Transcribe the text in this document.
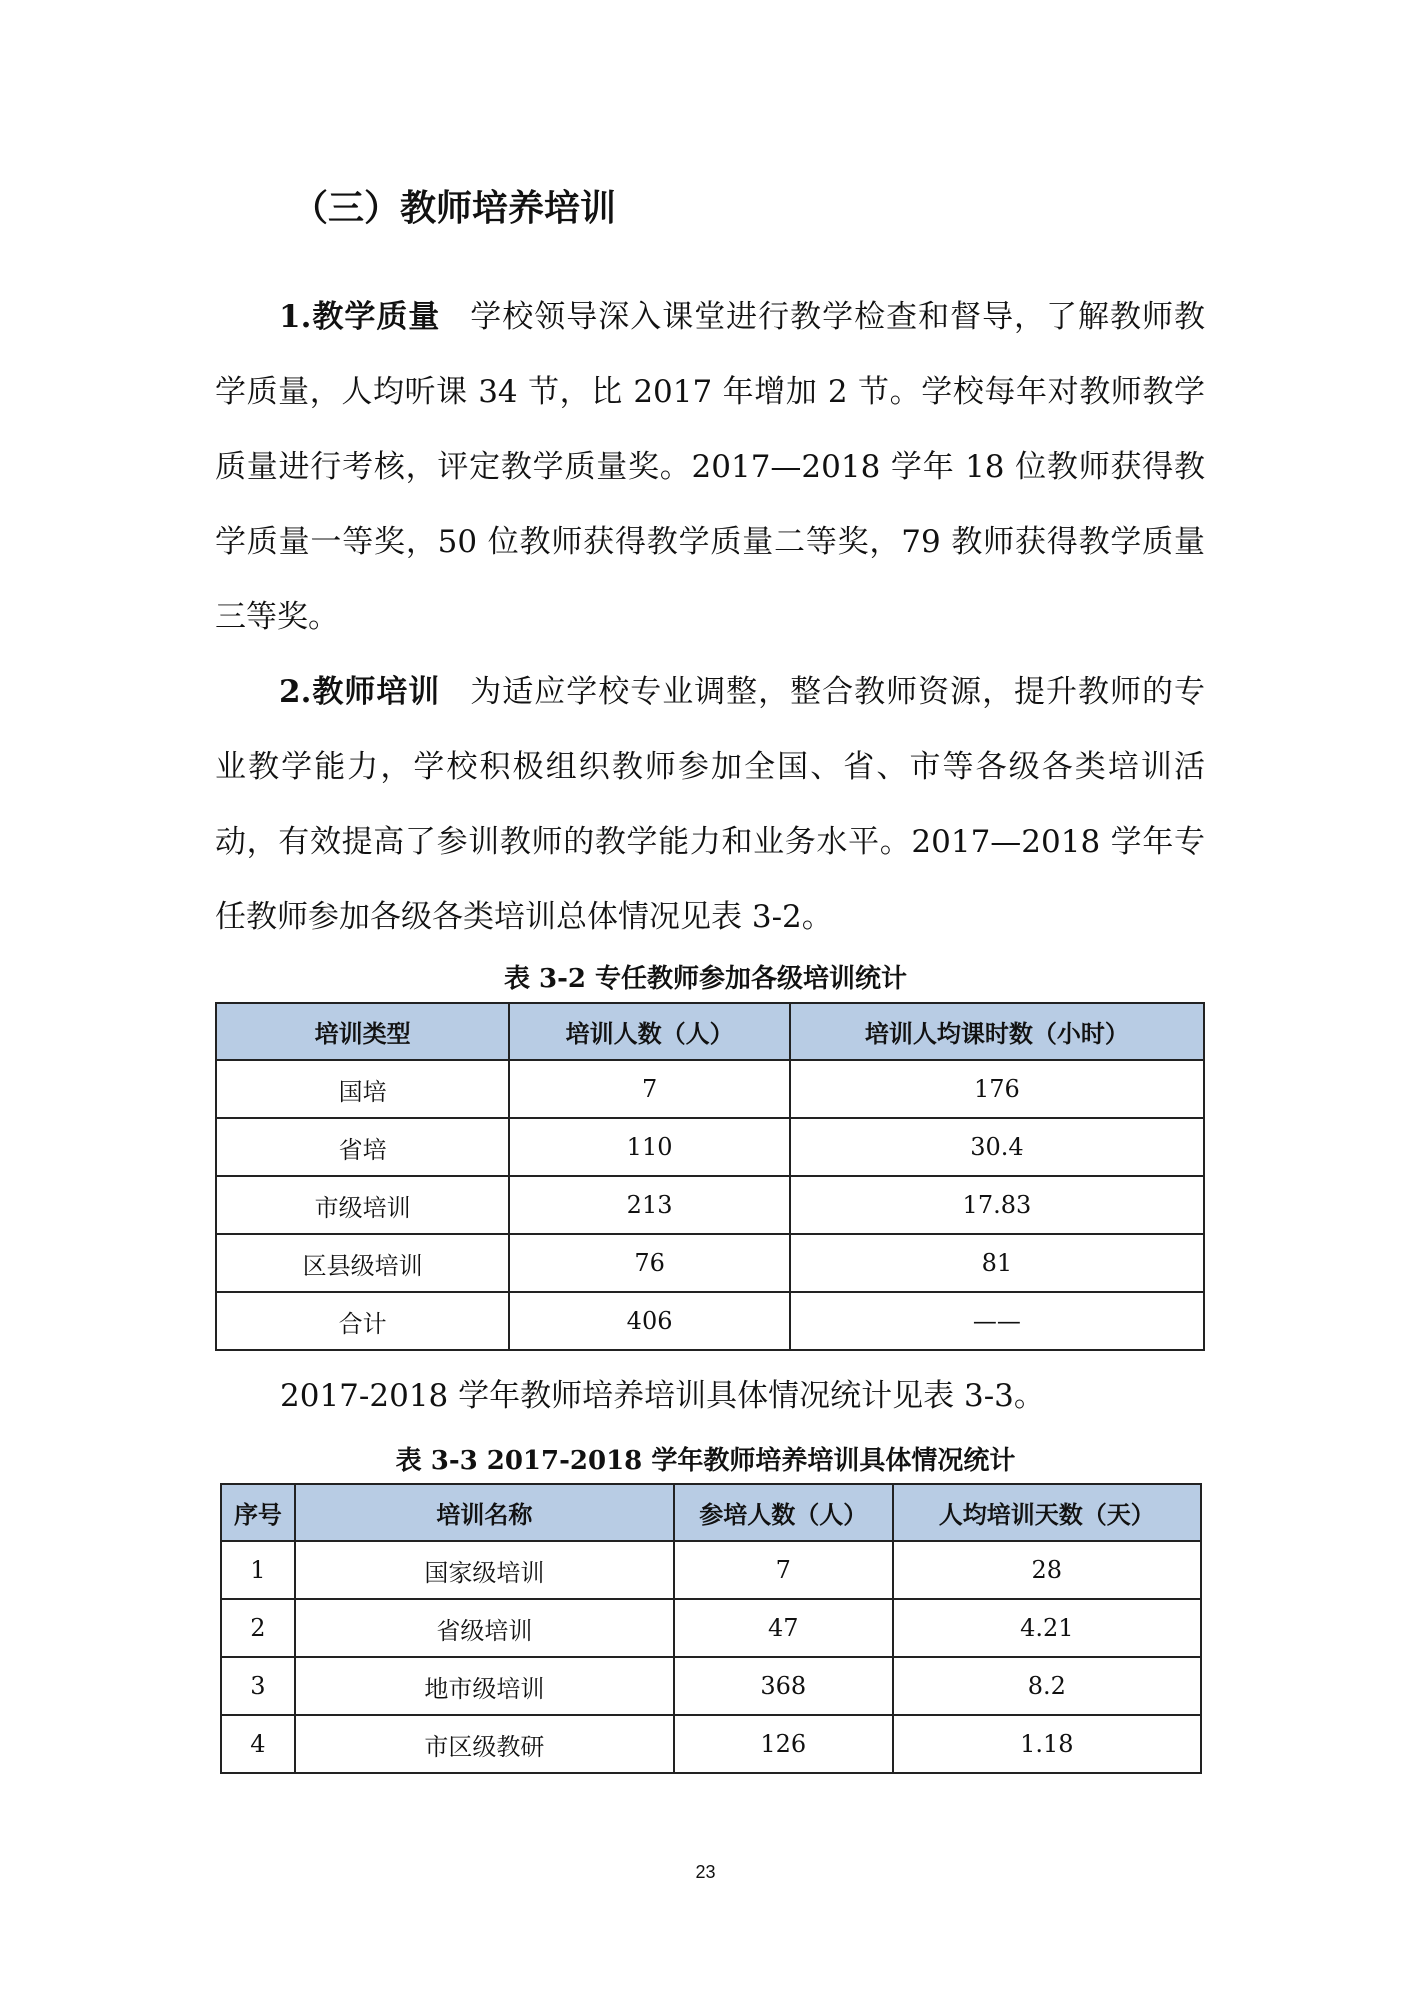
（三）教师培养培训

1.教学质量 学校领导深入课堂进行教学检查和督导，了解教师教学质量，人均听课 34 节，比 2017 年增加 2 节。学校每年对教师教学质量进行考核，评定教学质量奖。2017—2018 学年 18 位教师获得教学质量一等奖，50 位教师获得教学质量二等奖，79 教师获得教学质量三等奖。

2.教师培训 为适应学校专业调整，整合教师资源，提升教师的专业教学能力，学校积极组织教师参加全国、省、市等各级各类培训活动，有效提高了参训教师的教学能力和业务水平。2017—2018 学年专任教师参加各级各类培训总体情况见表 3-2。

表 3-2 专任教师参加各级培训统计

培训类型	培训人数（人）	培训人均课时数（小时）
国培	7	176
省培	110	30.4
市级培训	213	17.83
区县级培训	76	81
合计	406	——

2017-2018 学年教师培养培训具体情况统计见表 3-3。

表 3-3 2017-2018 学年教师培养培训具体情况统计

序号	培训名称	参培人数（人）	人均培训天数（天）
1	国家级培训	7	28
2	省级培训	47	4.21
3	地市级培训	368	8.2
4	市区级教研	126	1.18

23
